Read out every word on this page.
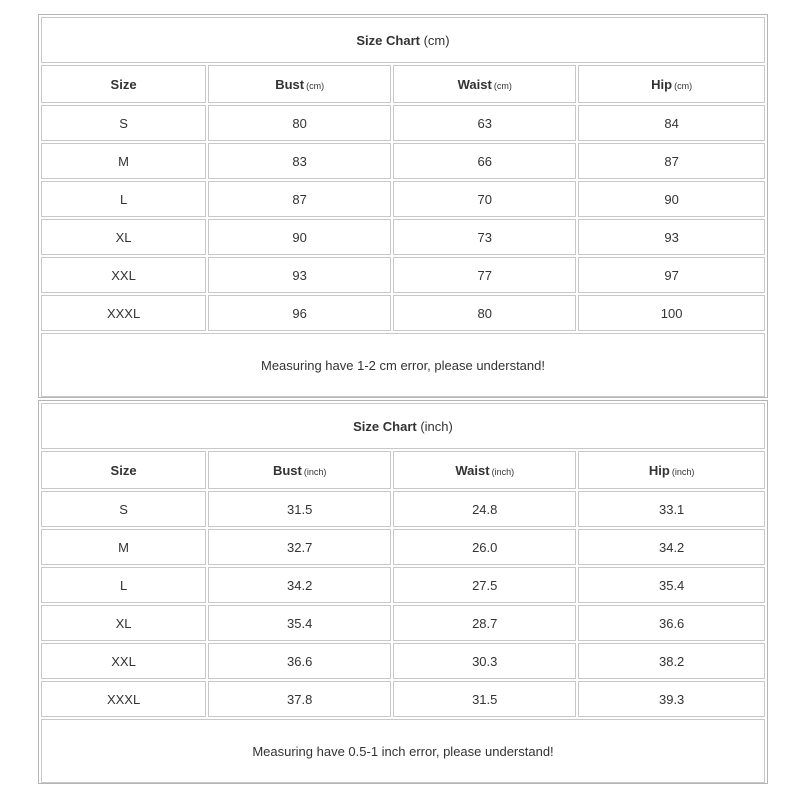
Size Chart (cm)			
Size	Bust (cm)	Waist (cm)	Hip (cm)
S	80	63	84
M	83	66	87
L	87	70	90
XL	90	73	93
XXL	93	77	97
XXXL	96	80	100
Measuring have 1-2 cm error, please understand!			
Size Chart (inch)			
Size	Bust (inch)	Waist (inch)	Hip (inch)
S	31.5	24.8	33.1
M	32.7	26.0	34.2
L	34.2	27.5	35.4
XL	35.4	28.7	36.6
XXL	36.6	30.3	38.2
XXXL	37.8	31.5	39.3
Measuring have 0.5-1 inch error, please understand!			
